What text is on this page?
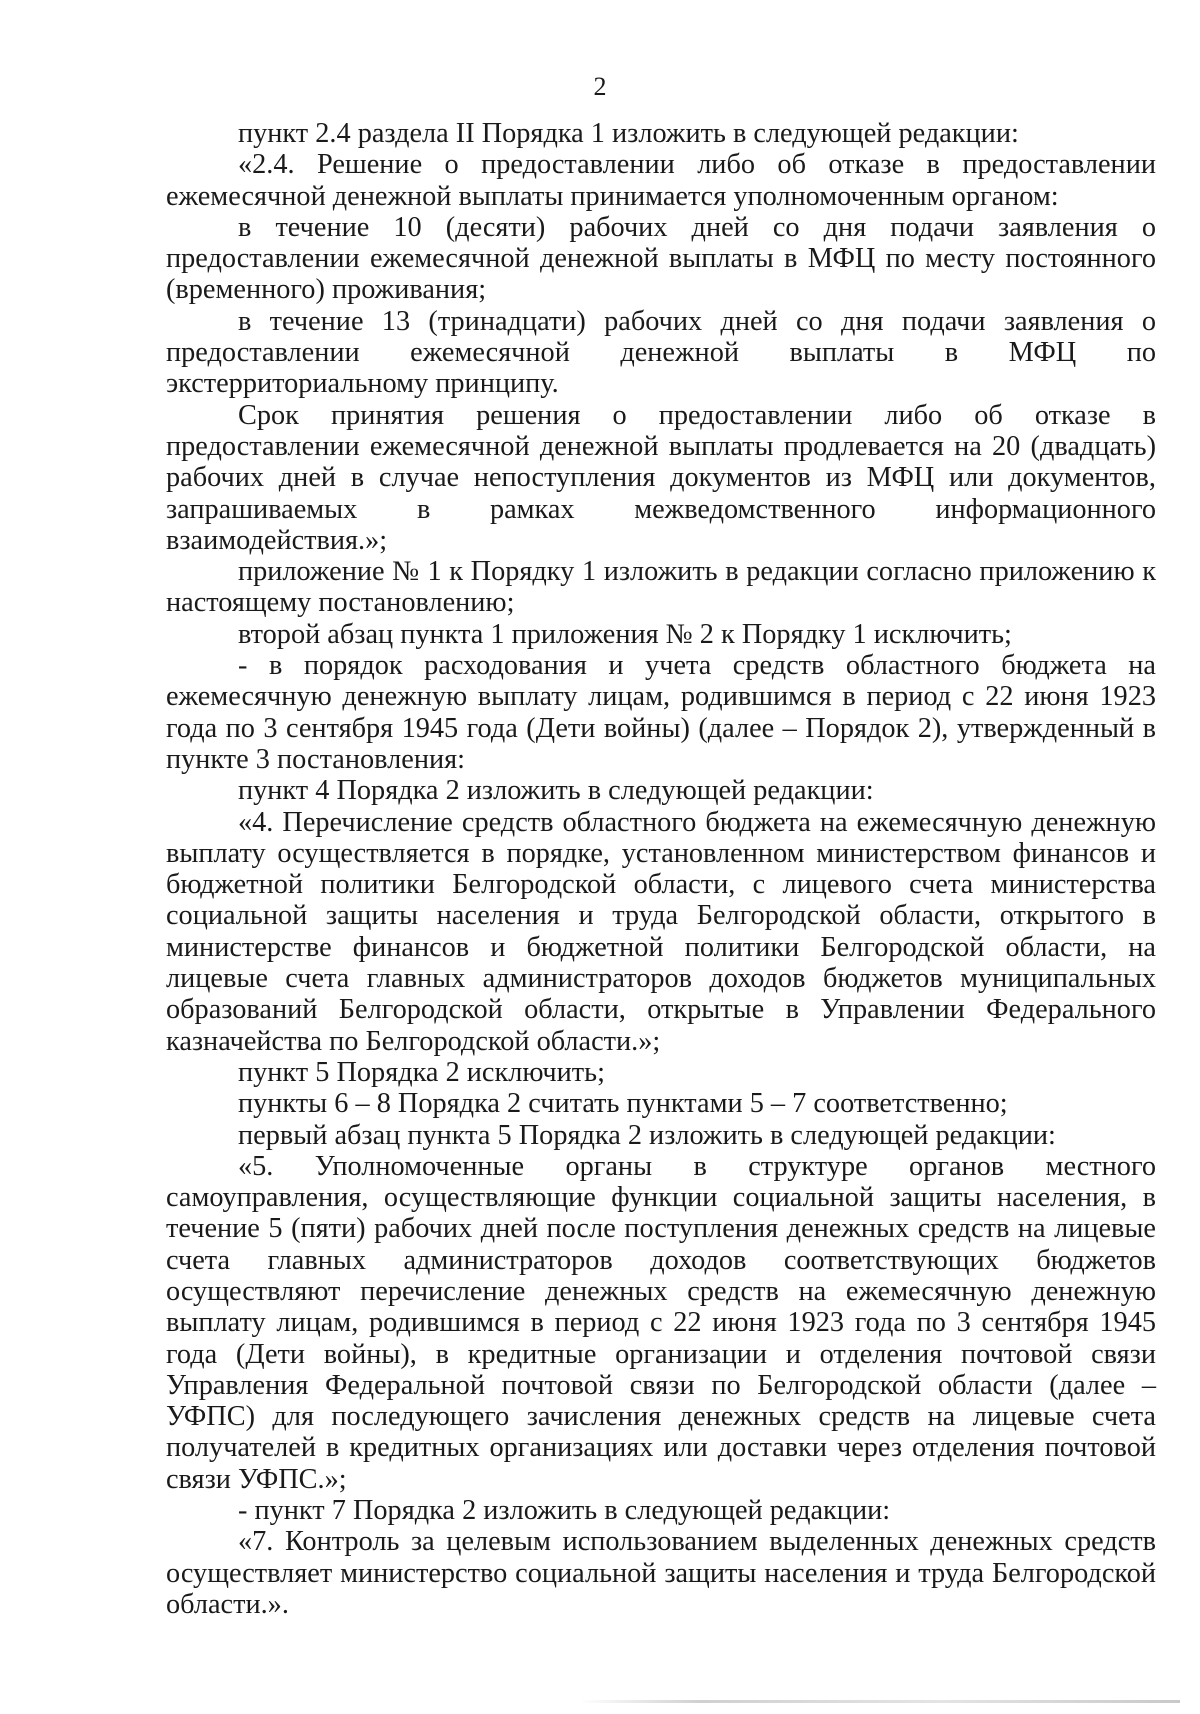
2

пункт 2.4 раздела II Порядка 1 изложить в следующей редакции:

«2.4. Решение о предоставлении либо об отказе в предоставлении ежемесячной денежной выплаты принимается уполномоченным органом:

в течение 10 (десяти) рабочих дней со дня подачи заявления о предоставлении ежемесячной денежной выплаты в МФЦ по месту постоянного (временного) проживания;

в течение 13 (тринадцати) рабочих дней со дня подачи заявления о предоставлении ежемесячной денежной выплаты в МФЦ по экстерриториальному принципу.

Срок принятия решения о предоставлении либо об отказе в предоставлении ежемесячной денежной выплаты продлевается на 20 (двадцать) рабочих дней в случае непоступления документов из МФЦ или документов, запрашиваемых в рамках межведомственного информационного взаимодействия.»;

приложение № 1 к Порядку 1 изложить в редакции согласно приложению к настоящему постановлению;

второй абзац пункта 1 приложения № 2 к Порядку 1 исключить;

- в порядок расходования и учета средств областного бюджета на ежемесячную денежную выплату лицам, родившимся в период с 22 июня 1923 года по 3 сентября 1945 года (Дети войны) (далее – Порядок 2), утвержденный в пункте 3 постановления:

пункт 4 Порядка 2 изложить в следующей редакции:

«4. Перечисление средств областного бюджета на ежемесячную денежную выплату осуществляется в порядке, установленном министерством финансов и бюджетной политики Белгородской области, с лицевого счета министерства социальной защиты населения и труда Белгородской области, открытого в министерстве финансов и бюджетной политики Белгородской области, на лицевые счета главных администраторов доходов бюджетов муниципальных образований Белгородской области, открытые в Управлении Федерального казначейства по Белгородской области.»;

пункт 5 Порядка 2 исключить;

пункты 6 – 8 Порядка 2 считать пунктами 5 – 7 соответственно;

первый абзац пункта 5 Порядка 2 изложить в следующей редакции:

«5. Уполномоченные органы в структуре органов местного самоуправления, осуществляющие функции социальной защиты населения, в течение 5 (пяти) рабочих дней после поступления денежных средств на лицевые счета главных администраторов доходов соответствующих бюджетов осуществляют перечисление денежных средств на ежемесячную денежную выплату лицам, родившимся в период с 22 июня 1923 года по 3 сентября 1945 года (Дети войны), в кредитные организации и отделения почтовой связи Управления Федеральной почтовой связи по Белгородской области (далее – УФПС) для последующего зачисления денежных средств на лицевые счета получателей в кредитных организациях или доставки через отделения почтовой связи УФПС.»;

- пункт 7 Порядка 2 изложить в следующей редакции:

«7. Контроль за целевым использованием выделенных денежных средств осуществляет министерство социальной защиты населения и труда Белгородской области.».
